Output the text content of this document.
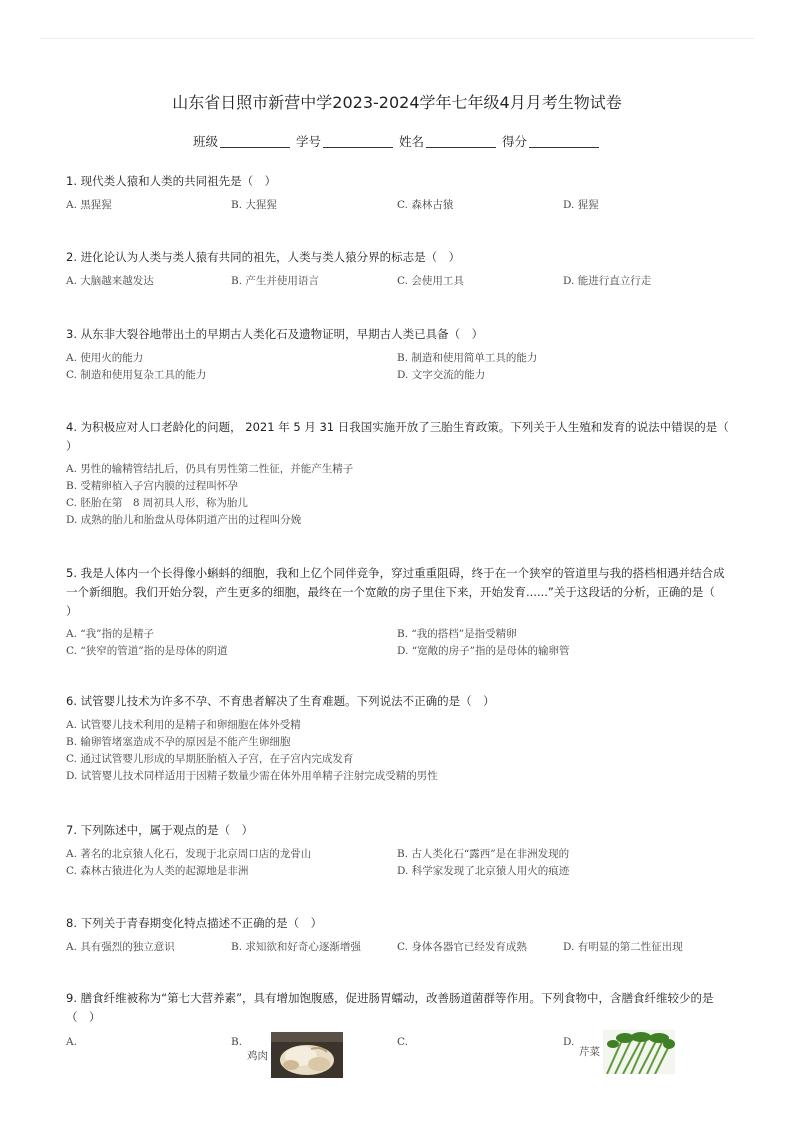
山东省日照市新营中学2023-2024学年七年级4月月考生物试卷
班级	学号	姓名	得分
1. 现代类人猿和人类的共同祖先是（　）
A. 黑猩猩	B. 大猩猩	C. 森林古猿	D. 猩猩
2. 进化论认为人类与类人猿有共同的祖先，人类与类人猿分界的标志是（　）
A. 大脑越来越发达	B. 产生并使用语言	C. 会使用工具	D. 能进行直立行走
3. 从东非大裂谷地带出土的早期古人类化石及遗物证明，早期古人类已具备（　）
A. 使用火的能力	B. 制造和使用简单工具的能力
C. 制造和使用复杂工具的能力	D. 文字交流的能力
4. 为积极应对人口老龄化的问题， 2021 年 5 月 31 日我国实施开放了三胎生育政策。下列关于人生殖和发育的说法中错误的是（
）
A. 男性的输精管结扎后，仍具有男性第二性征，并能产生精子
B. 受精卵植入子宫内膜的过程叫怀孕
C. 胚胎在第　8 周初具人形，称为胎儿
D. 成熟的胎儿和胎盘从母体阴道产出的过程叫分娩
5. 我是人体内一个长得像小蝌蚪的细胞，我和上亿个同伴竞争，穿过重重阻碍，终于在一个狭窄的管道里与我的搭档相遇并结合成
一个新细胞。我们开始分裂，产生更多的细胞，最终在一个宽敞的房子里住下来，开始发育......”关于这段话的分析，正确的是（
）
A. “我”指的是精子	B. “我的搭档”是指受精卵
C. “狭窄的管道”指的是母体的阴道	D. “宽敞的房子”指的是母体的输卵管
6. 试管婴儿技术为许多不孕、不育患者解决了生育难题。下列说法不正确的是（　）
A. 试管婴儿技术利用的是精子和卵细胞在体外受精
B. 输卵管堵塞造成不孕的原因是不能产生卵细胞
C. 通过试管婴儿形成的早期胚胎植入子宫，在子宫内完成发育
D. 试管婴儿技术同样适用于因精子数量少需在体外用单精子注射完成受精的男性
7. 下列陈述中，属于观点的是（　）
A. 著名的北京猿人化石，发现于北京周口店的龙骨山	B. 古人类化石“露西”是在非洲发现的
C. 森林古猿进化为人类的起源地是非洲	D. 科学家发现了北京猿人用火的痕迹
8. 下列关于青春期变化特点描述不正确的是（　）
A. 具有强烈的独立意识	B. 求知欲和好奇心逐渐增强	C. 身体各器官已经发育成熟	D. 有明显的第二性征出现
9. 膳食纤维被称为“第七大营养素”，具有增加饱腹感，促进肠胃蠕动，改善肠道菌群等作用。下列食物中，含膳食纤维较少的是
（　）
A.	B.
鸡肉
C.	D.
芹菜
